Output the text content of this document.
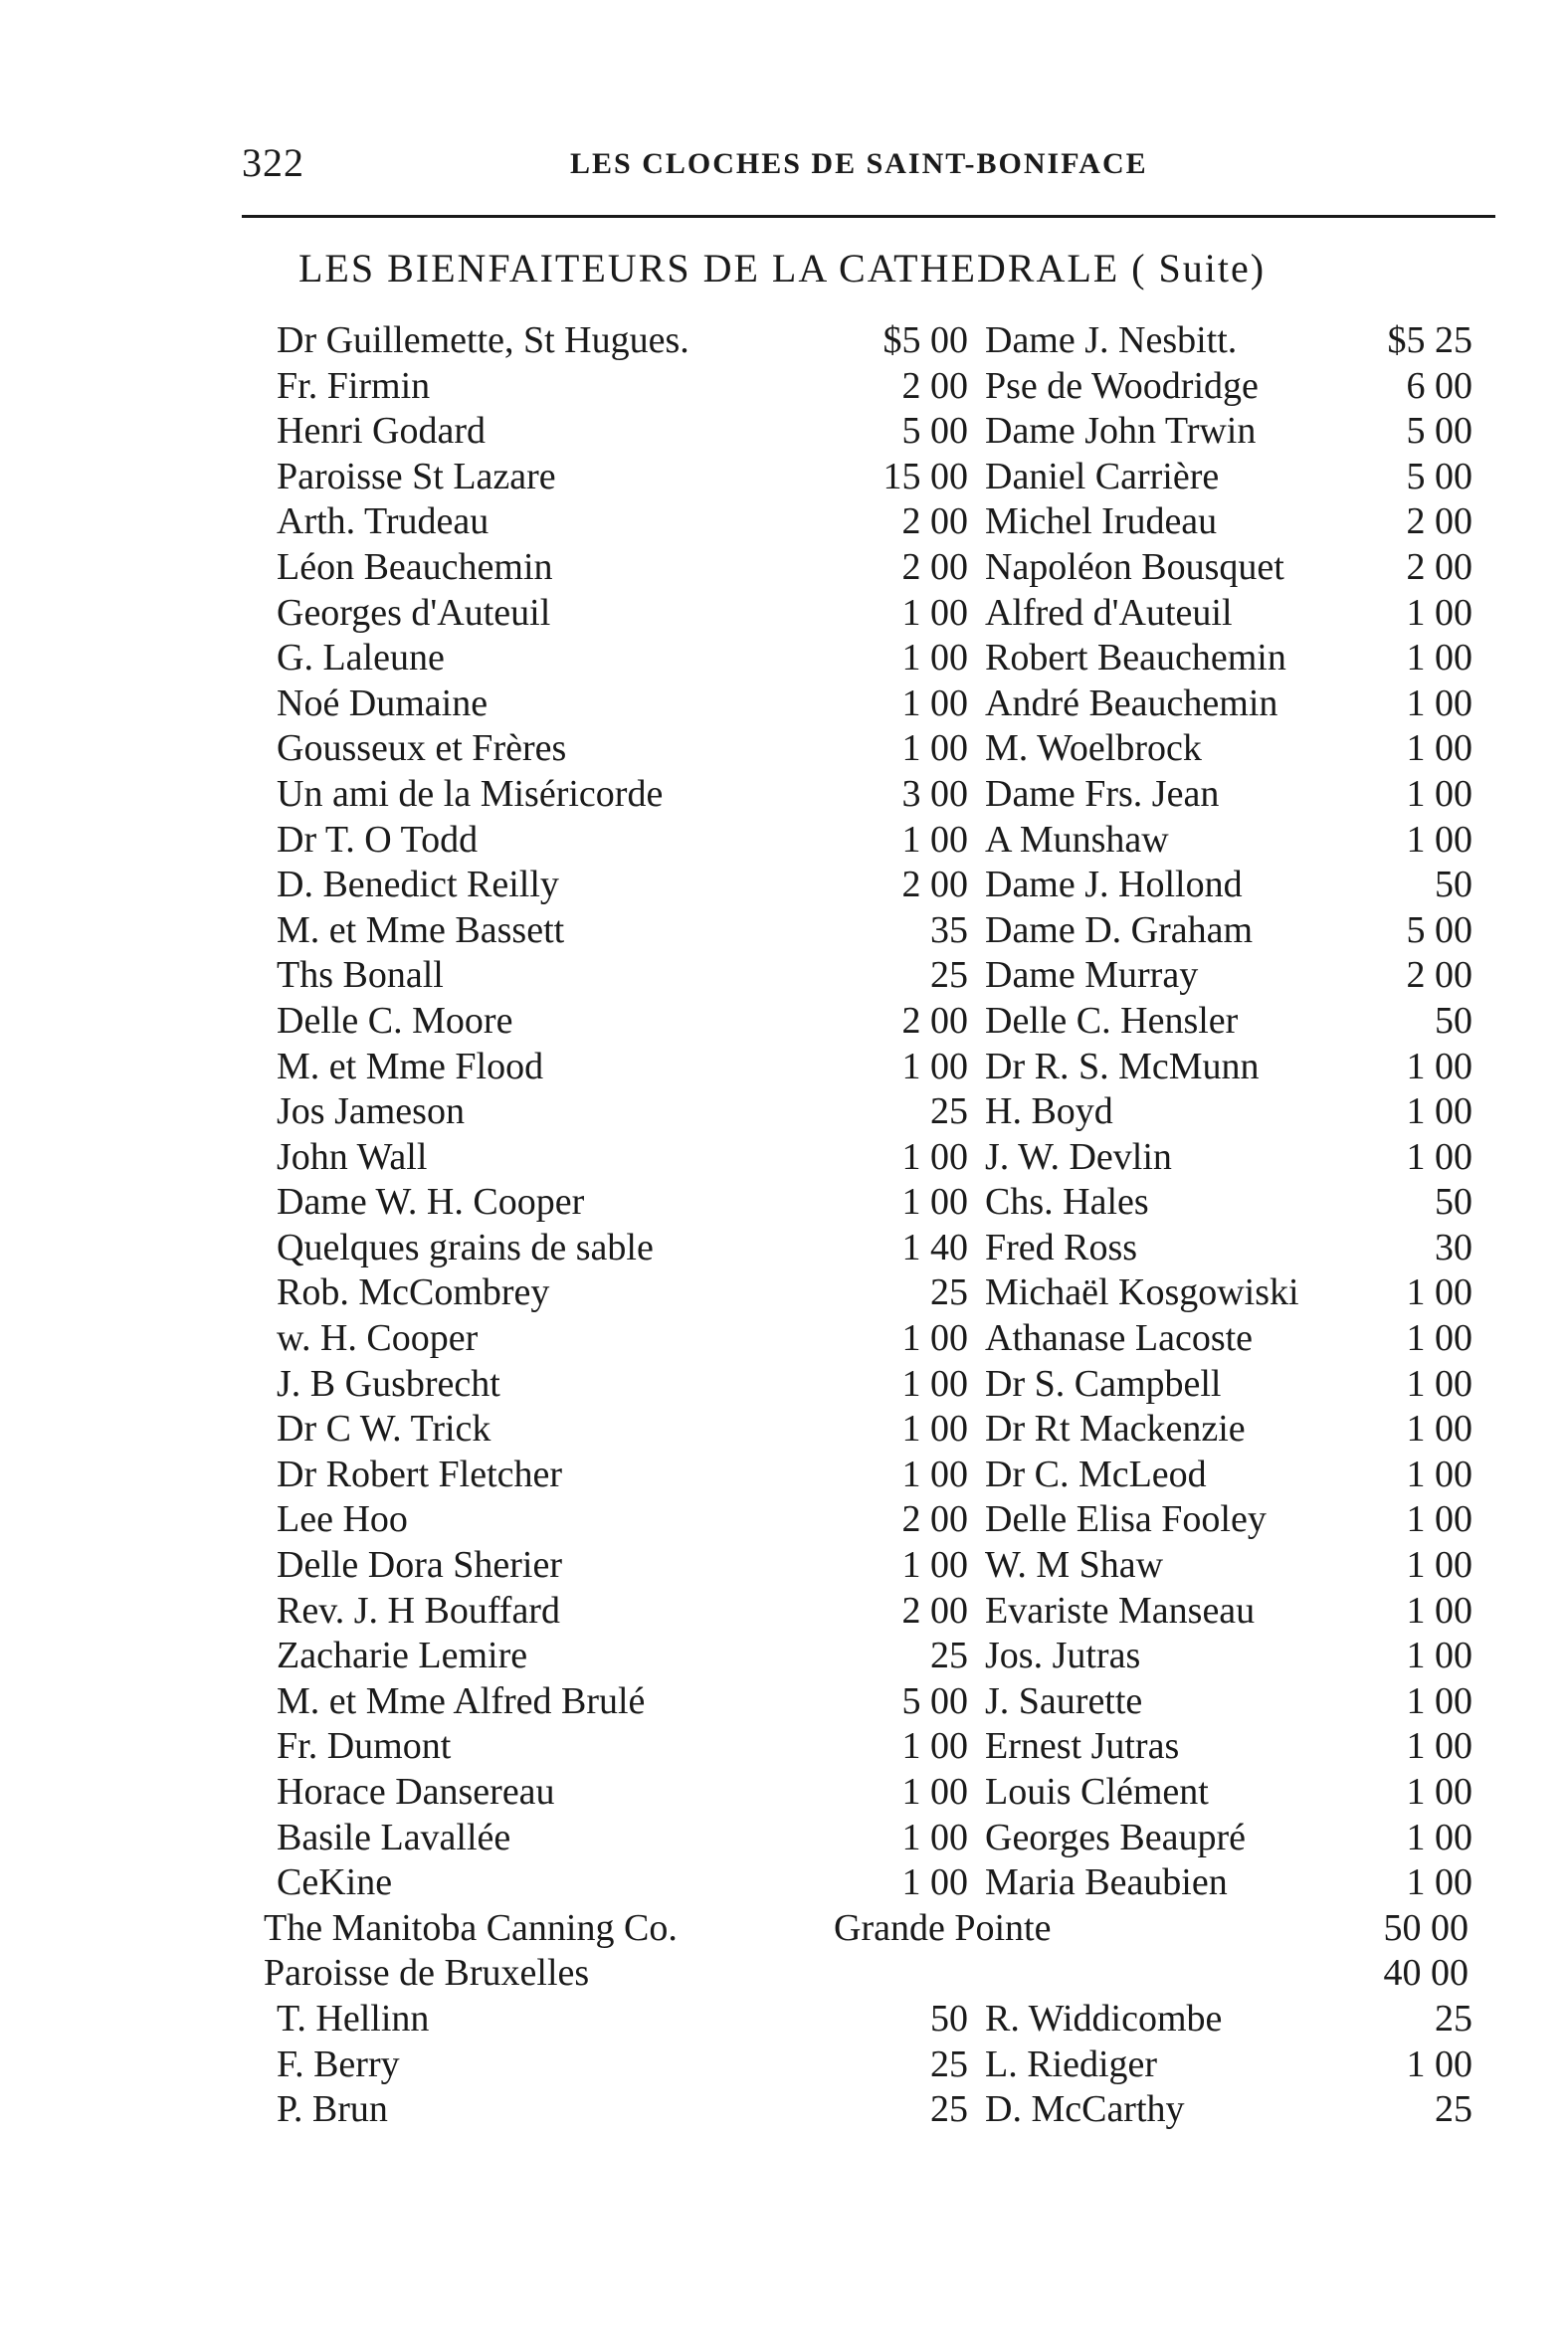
322	LES CLOCHES DE SAINT-BONIFACE
LES BIENFAITEURS DE LA CATHEDRALE ( Suite)
Dr Guillemette, St Hugues.	$5 00 Dame J. Nesbitt.	$5 25
Fr. Firmin	2 00 Pse de Woodridge	6 00
Henri Godard	5 00 Dame John Trwin	5 00
Paroisse St Lazare	15 00 Daniel Carrière	5 00
Arth. Trudeau	2 00 Michel Irudeau	2 00
Léon Beauchemin	2 00 Napoléon Bousquet	2 00
Georges d'Auteuil	1 00 Alfred d'Auteuil	1 00
G. Laleune	1 00 Robert Beauchemin	1 00
Noé Dumaine	1 00 André Beauchemin	1 00
Gousseux et Frères	1 00 M. Woelbrock	1 00
Un ami de la Miséricorde	3 00 Dame Frs. Jean	1 00
Dr T. O Todd	1 00 A Munshaw	1 00
D. Benedict Reilly	2 00 Dame J. Hollond	50
M. et Mme Bassett	35 Dame D. Graham	5 00
Ths Bonall	25 Dame Murray	2 00
Delle C. Moore	2 00 Delle C. Hensler	50
M. et Mme Flood	1 00 Dr R. S. McMunn	1 00
Jos Jameson	25 H. Boyd	1 00
John Wall	1 00 J. W. Devlin	1 00
Dame W. H. Cooper	1 00 Chs. Hales	50
Quelques grains de sable	1 40 Fred Ross	30
Rob. McCombrey	25 Michaël Kosgowiski	1 00
w. H. Cooper	1 00 Athanase Lacoste	1 00
J. B Gusbrecht	1 00 Dr S. Campbell	1 00
Dr C W. Trick	1 00 Dr Rt Mackenzie	1 00
Dr Robert Fletcher	1 00 Dr C. McLeod	1 00
Lee Hoo	2 00 Delle Elisa Fooley	1 00
Delle Dora Sherier	1 00 W. M Shaw	1 00
Rev. J. H Bouffard	2 00 Evariste Manseau	1 00
Zacharie Lemire	25 Jos. Jutras	1 00
M. et Mme Alfred Brulé	5 00 J. Saurette	1 00
Fr. Dumont	1 00 Ernest Jutras	1 00
Horace Dansereau	1 00 Louis Clément	1 00
Basile Lavallée	1 00 Georges Beaupré	1 00
CeKine	1 00 Maria Beaubien	1 00
The Manitoba Canning Co.	Grande Pointe	50 00
Paroisse de Bruxelles	40 00
T. Hellinn	50 R. Widdicombe	25
F. Berry	25 L. Riediger	1 00
P. Brun	25 D. McCarthy	25
